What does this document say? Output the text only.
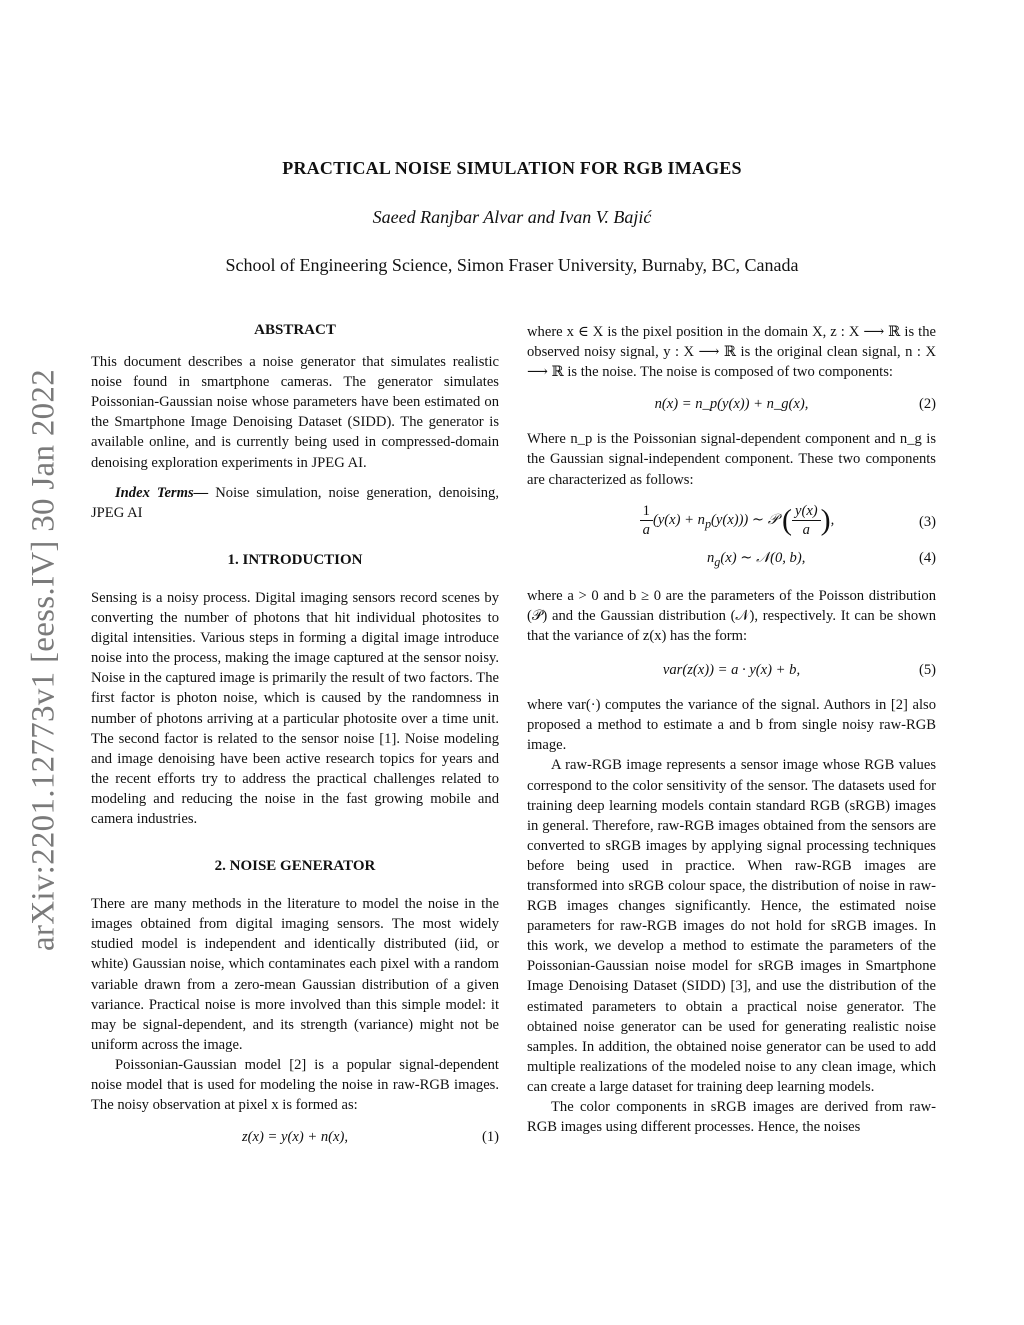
arXiv:2201.12773v1 [eess.IV] 30 Jan 2022
PRACTICAL NOISE SIMULATION FOR RGB IMAGES
Saeed Ranjbar Alvar and Ivan V. Bajić
School of Engineering Science, Simon Fraser University, Burnaby, BC, Canada
ABSTRACT

This document describes a noise generator that simulates realistic noise found in smartphone cameras. The generator simulates Poissonian-Gaussian noise whose parameters have been estimated on the Smartphone Image Denoising Dataset (SIDD). The generator is available online, and is currently being used in compressed-domain denoising exploration experiments in JPEG AI.

Index Terms— Noise simulation, noise generation, denoising, JPEG AI

1. INTRODUCTION

Sensing is a noisy process. Digital imaging sensors record scenes by converting the number of photons that hit individual photosites to digital intensities. Various steps in forming a digital image introduce noise into the process, making the image captured at the sensor noisy. Noise in the captured image is primarily the result of two factors. The first factor is photon noise, which is caused by the randomness in number of photons arriving at a particular photosite over a time unit. The second factor is related to the sensor noise [1]. Noise modeling and image denoising have been active research topics for years and the recent efforts try to address the practical challenges related to modeling and reducing the noise in the fast growing mobile and camera industries.

2. NOISE GENERATOR

There are many methods in the literature to model the noise in the images obtained from digital imaging sensors. The most widely studied model is independent and identically distributed (iid, or white) Gaussian noise, which contaminates each pixel with a random variable drawn from a zero-mean Gaussian distribution of a given variance. Practical noise is more involved than this simple model: it may be signal-dependent, and its strength (variance) might not be uniform across the image.

Poissonian-Gaussian model [2] is a popular signal-dependent noise model that is used for modeling the noise in raw-RGB images. The noisy observation at pixel x is formed as:

z(x) = y(x) + n(x),	(1)

where x ∈ X is the pixel position in the domain X, z : X ⟶ ℝ is the observed noisy signal, y : X ⟶ ℝ is the original clean signal, n : X ⟶ ℝ is the noise. The noise is composed of two components:

n(x) = n_p(y(x)) + n_g(x),	(2)

Where n_p is the Poissonian signal-dependent component and n_g is the Gaussian signal-independent component. These two components are characterized as follows:

$\frac{1}{a} (y(x) + n_p(y(x)))$ ∼ 𝒫 ( $\frac{y(x)}{a}$ ),	(3)
$n_g(x)$ ∼ 𝒩(0, b),	(4)

where a > 0 and b ≥ 0 are the parameters of the Poisson distribution (𝒫) and the Gaussian distribution (𝒩), respectively. It can be shown that the variance of z(x) has the form:

var(z(x)) = a · y(x) + b,	(5)

where var(·) computes the variance of the signal. Authors in [2] also proposed a method to estimate a and b from single noisy raw-RGB image.

A raw-RGB image represents a sensor image whose RGB values correspond to the color sensitivity of the sensor. The datasets used for training deep learning models contain standard RGB (sRGB) images in general. Therefore, raw-RGB images obtained from the sensors are converted to sRGB images by applying signal processing techniques before being used in practice. When raw-RGB images are transformed into sRGB colour space, the distribution of noise in raw-RGB images changes significantly. Hence, the estimated noise parameters for raw-RGB images do not hold for sRGB images. In this work, we develop a method to estimate the parameters of the Poissonian-Gaussian noise model for sRGB images in Smartphone Image Denoising Dataset (SIDD) [3], and use the distribution of the estimated parameters to obtain a practical noise generator. The obtained noise generator can be used for generating realistic noise samples. In addition, the obtained noise generator can be used to add multiple realizations of the modeled noise to any clean image, which can create a large dataset for training deep learning models.

The color components in sRGB images are derived from raw-RGB images using different processes. Hence, the noises
